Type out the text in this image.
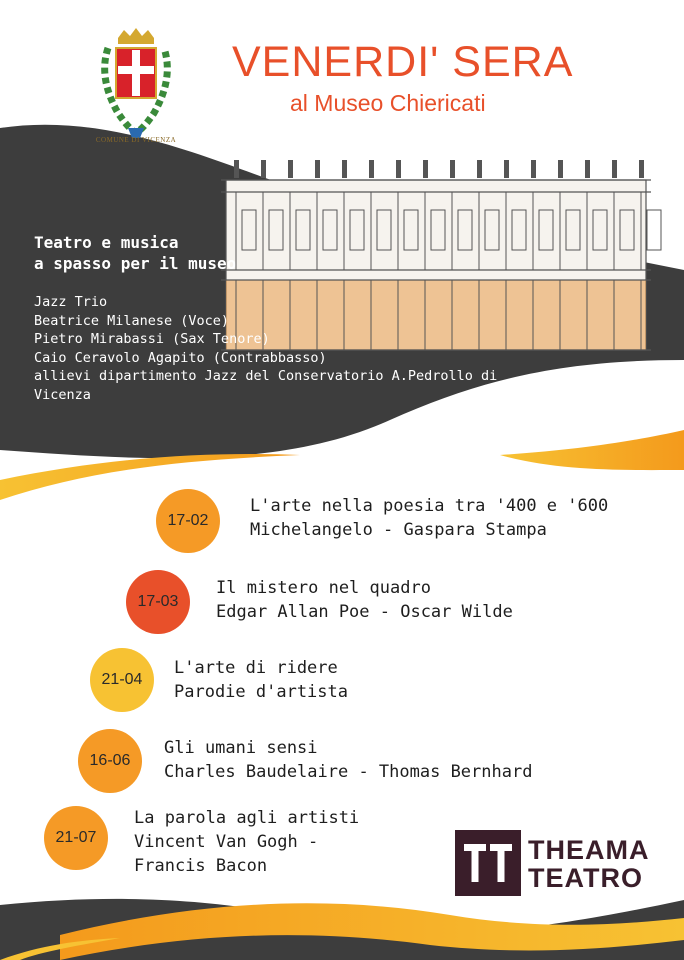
COMUNE DI VICENZA
VENERDI' SERA
al Museo Chiericati
Teatro e musica
a spasso per il museo
Jazz Trio
Beatrice Milanese (Voce)
Pietro Mirabassi (Sax Tenore)
Caio Ceravolo Agapito (Contrabbasso)
allievi dipartimento Jazz del Conservatorio A.Pedrollo di
Vicenza
17-02
L'arte nella poesia tra '400 e '600
Michelangelo - Gaspara Stampa
17-03
Il mistero nel quadro
Edgar Allan Poe - Oscar Wilde
21-04
L'arte di ridere
Parodie d'artista
16-06
Gli umani sensi
Charles Baudelaire - Thomas Bernhard
21-07
La parola agli artisti
Vincent Van Gogh -
Francis Bacon
THEAMA
TEATRO
